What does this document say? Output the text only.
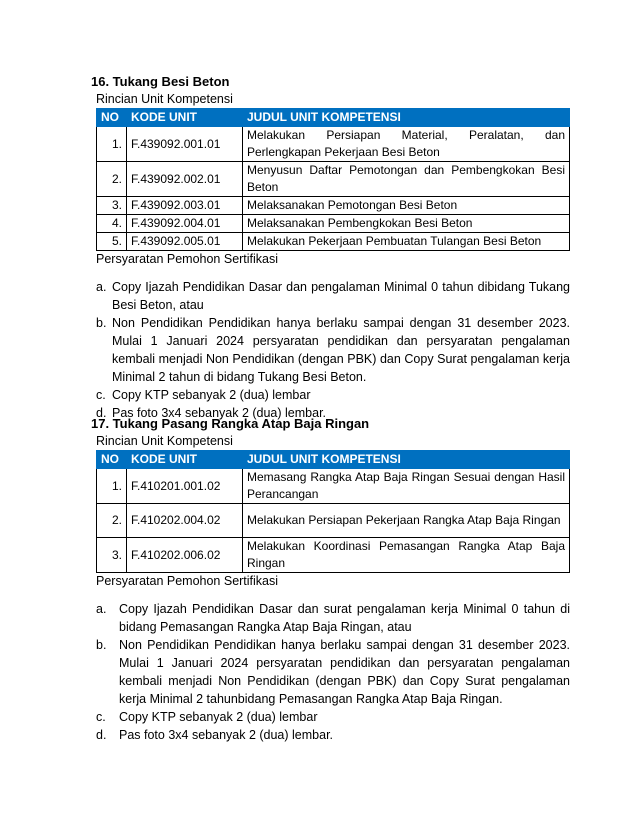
16. Tukang Besi Beton
Rincian Unit Kompetensi
NO	KODE UNIT	JUDUL UNIT KOMPETENSI
1.	F.439092.001.01	Melakukan Persiapan Material, Peralatan, dan Perlengkapan Pekerjaan Besi Beton
2.	F.439092.002.01	Menyusun Daftar Pemotongan dan Pembengkokan Besi Beton
3.	F.439092.003.01	Melaksanakan Pemotongan Besi Beton
4.	F.439092.004.01	Melaksanakan Pembengkokan Besi Beton
5.	F.439092.005.01	Melakukan Pekerjaan Pembuatan Tulangan Besi Beton
Persyaratan Pemohon Sertifikasi
a. Copy Ijazah Pendidikan Dasar dan pengalaman Minimal 0 tahun dibidang Tukang Besi Beton, atau
b. Non Pendidikan Pendidikan hanya berlaku sampai dengan 31 desember 2023. Mulai 1 Januari 2024 persyaratan pendidikan dan persyaratan pengalaman kembali menjadi Non Pendidikan (dengan PBK) dan Copy Surat pengalaman kerja Minimal 2 tahun di bidang Tukang Besi Beton.
c. Copy KTP sebanyak 2 (dua) lembar
d. Pas foto 3x4 sebanyak 2 (dua) lembar.
17. Tukang Pasang Rangka Atap Baja Ringan
Rincian Unit Kompetensi
NO	KODE UNIT	JUDUL UNIT KOMPETENSI
1.	F.410201.001.02	Memasang Rangka Atap Baja Ringan Sesuai dengan Hasil Perancangan
2.	F.410202.004.02	Melakukan Persiapan Pekerjaan Rangka Atap Baja Ringan
3.	F.410202.006.02	Melakukan Koordinasi Pemasangan Rangka Atap Baja Ringan
Persyaratan Pemohon Sertifikasi
a.	Copy Ijazah Pendidikan Dasar dan surat pengalaman kerja Minimal 0 tahun di bidang Pemasangan Rangka Atap Baja Ringan, atau
b.	Non Pendidikan Pendidikan hanya berlaku sampai dengan 31 desember 2023. Mulai 1 Januari 2024 persyaratan pendidikan dan persyaratan pengalaman kembali menjadi Non Pendidikan (dengan PBK) dan Copy Surat pengalaman kerja Minimal 2 tahunbidang Pemasangan Rangka Atap Baja Ringan.
c.	Copy KTP sebanyak 2 (dua) lembar
d.	Pas foto 3x4 sebanyak 2 (dua) lembar.
